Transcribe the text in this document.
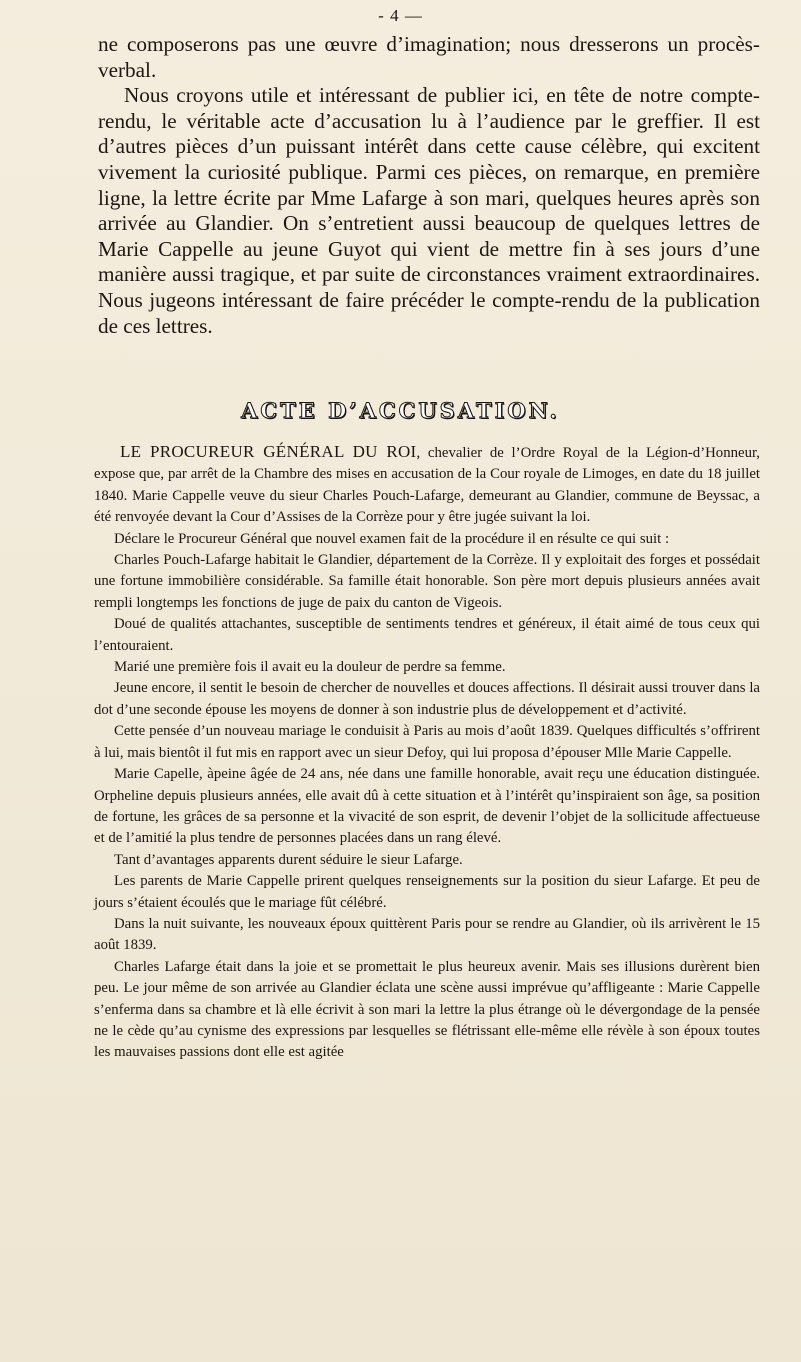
- 4 —

ne composerons pas une œuvre d’imagination; nous dresserons un procès-verbal.

Nous croyons utile et intéressant de publier ici, en tête de notre compte-rendu, le véritable acte d’accusation lu à l’audience par le greffier. Il est d’autres pièces d’un puissant intérêt dans cette cause célèbre, qui excitent vivement la curiosité publique. Parmi ces pièces, on remarque, en première ligne, la lettre écrite par Mme Lafarge à son mari, quelques heures après son arrivée au Glandier. On s’entretient aussi beaucoup de quelques lettres de Marie Cappelle au jeune Guyot qui vient de mettre fin à ses jours d’une manière aussi tragique, et par suite de circonstances vraiment extraordinaires. Nous jugeons intéressant de faire précéder le compte-rendu de la publication de ces lettres.

ACTE D’ACCUSATION.

LE PROCUREUR GÉNÉRAL DU ROI, chevalier de l’Ordre Royal de la Légion-d’Honneur, expose que, par arrêt de la Chambre des mises en accusation de la Cour royale de Limoges, en date du 18 juillet 1840. Marie Cappelle veuve du sieur Charles Pouch-Lafarge, demeurant au Glandier, commune de Beyssac, a été renvoyée devant la Cour d’Assises de la Corrèze pour y être jugée suivant la loi.

Déclare le Procureur Général que nouvel examen fait de la procédure il en résulte ce qui suit :

Charles Pouch-Lafarge habitait le Glandier, département de la Corrèze. Il y exploitait des forges et possédait une fortune immobilière considérable. Sa famille était honorable. Son père mort depuis plusieurs années avait rempli longtemps les fonctions de juge de paix du canton de Vigeois.

Doué de qualités attachantes, susceptible de sentiments tendres et généreux, il était aimé de tous ceux qui l’entouraient.

Marié une première fois il avait eu la douleur de perdre sa femme.

Jeune encore, il sentit le besoin de chercher de nouvelles et douces affections. Il désirait aussi trouver dans la dot d’une seconde épouse les moyens de donner à son industrie plus de développement et d’activité.

Cette pensée d’un nouveau mariage le conduisit à Paris au mois d’août 1839. Quelques difficultés s’offrirent à lui, mais bientôt il fut mis en rapport avec un sieur Defoy, qui lui proposa d’épouser Mlle Marie Cappelle.

Marie Capelle, àpeine âgée de 24 ans, née dans une famille honorable, avait reçu une éducation distinguée. Orpheline depuis plusieurs années, elle avait dû à cette situation et à l’intérêt qu’inspiraient son âge, sa position de fortune, les grâces de sa personne et la vivacité de son esprit, de devenir l’objet de la sollicitude affectueuse et de l’amitié la plus tendre de personnes placées dans un rang élevé.

Tant d’avantages apparents durent séduire le sieur Lafarge.

Les parents de Marie Cappelle prirent quelques renseignements sur la position du sieur Lafarge. Et peu de jours s’étaient écoulés que le mariage fût célébré.

Dans la nuit suivante, les nouveaux époux quittèrent Paris pour se rendre au Glandier, où ils arrivèrent le 15 août 1839.

Charles Lafarge était dans la joie et se promettait le plus heureux avenir. Mais ses illusions durèrent bien peu. Le jour même de son arrivée au Glandier éclata une scène aussi imprévue qu’affligeante : Marie Cappelle s’enferma dans sa chambre et là elle écrivit à son mari la lettre la plus étrange où le dévergondage de la pensée ne le cède qu’au cynisme des expressions par lesquelles se flétrissant elle-même elle révèle à son époux toutes les mauvaises passions dont elle est agitée
